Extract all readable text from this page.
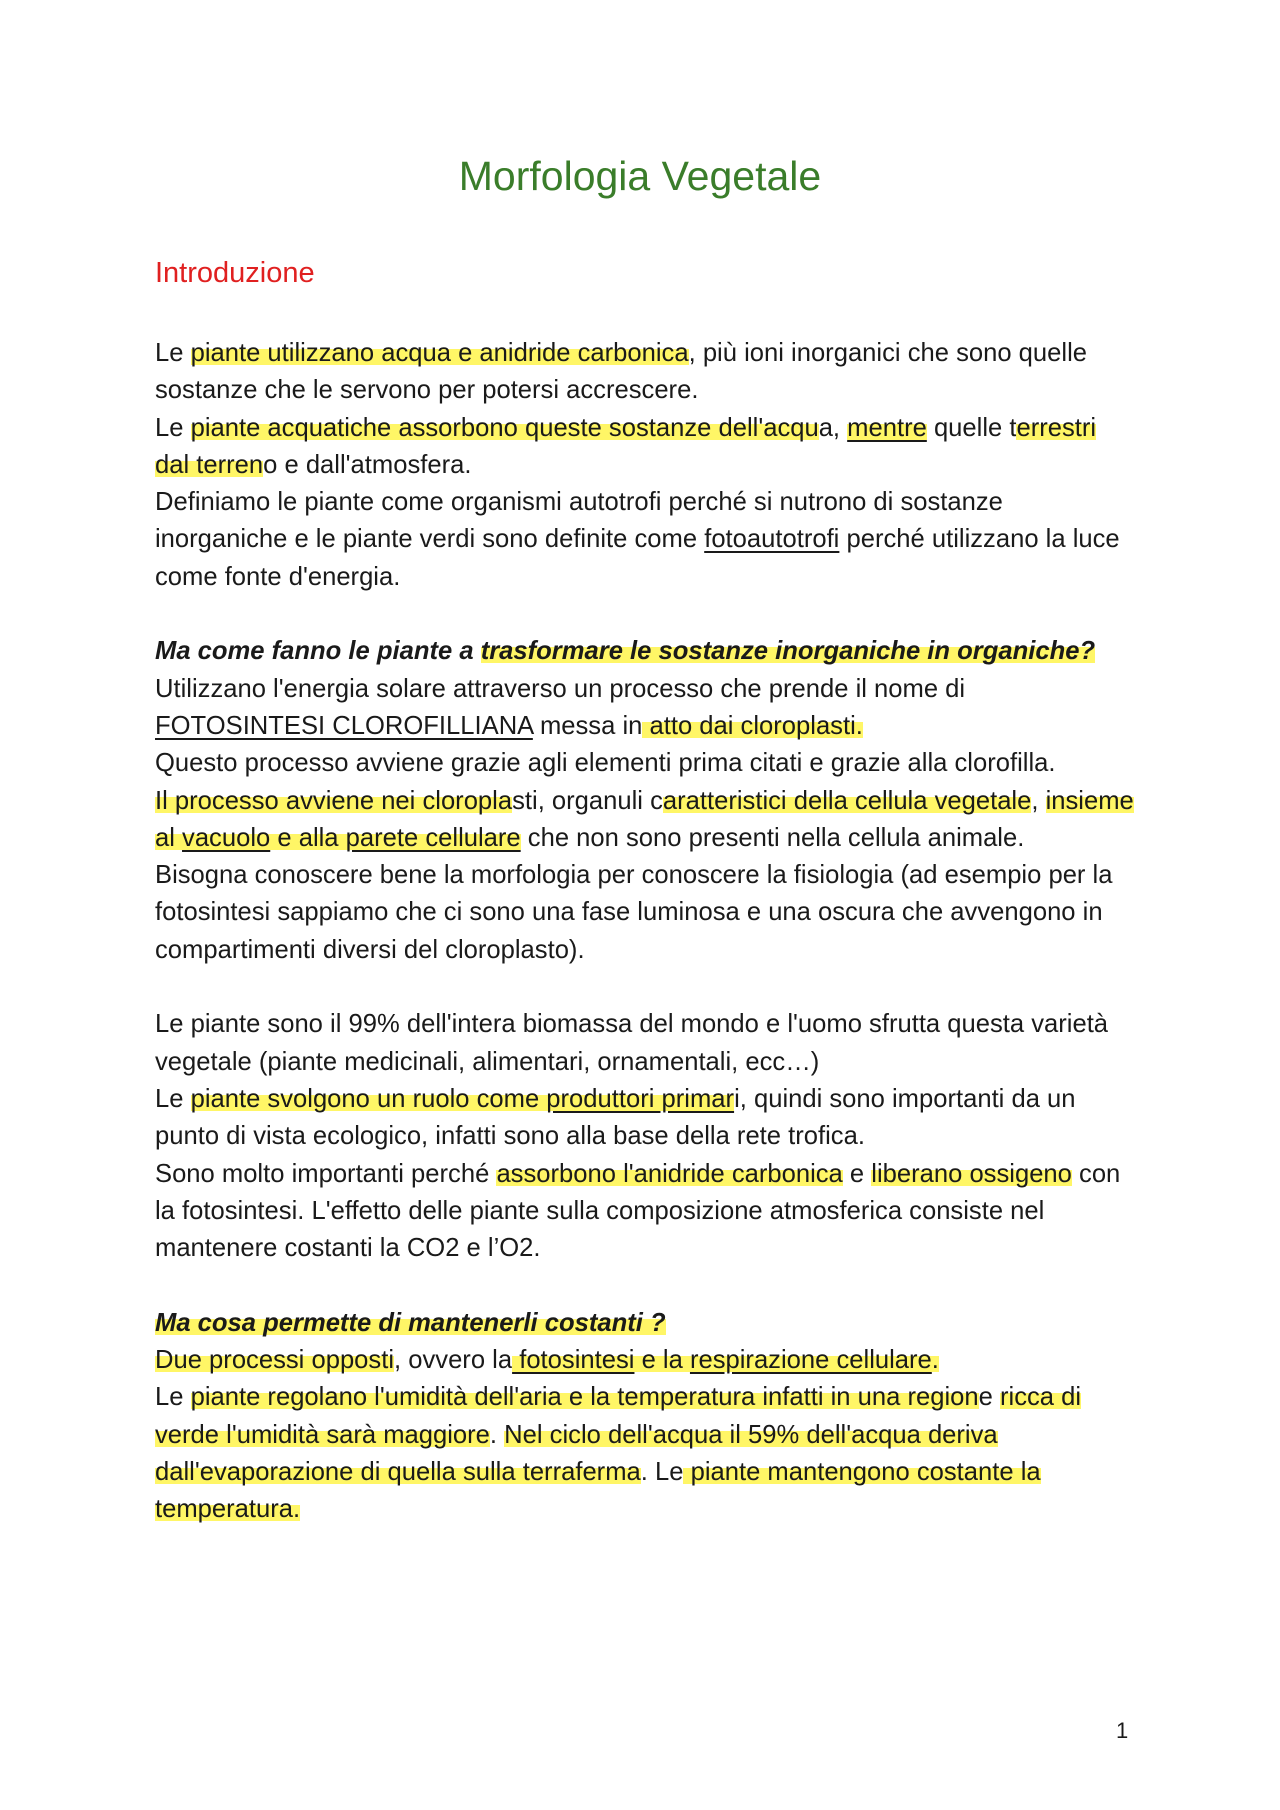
Morfologia Vegetale
Introduzione

Le piante utilizzano acqua e anidride carbonica, più ioni inorganici che sono quelle sostanze che le servono per potersi accrescere.

Le piante acquatiche assorbono queste sostanze dell'acqua, mentre quelle terrestri dal terreno e dall'atmosfera.

Definiamo le piante come organismi autotrofi perché si nutrono di sostanze inorganiche e le piante verdi sono definite come fotoautotrofi perché utilizzano la luce come fonte d'energia.

Ma come fanno le piante a trasformare le sostanze inorganiche in organiche?

Utilizzano l'energia solare attraverso un processo che prende il nome di FOTOSINTESI CLOROFILLIANA messa in atto dai cloroplasti.

Questo processo avviene grazie agli elementi prima citati e grazie alla clorofilla.

Il processo avviene nei cloroplasti, organuli caratteristici della cellula vegetale, insieme al vacuolo e alla parete cellulare che non sono presenti nella cellula animale.

Bisogna conoscere bene la morfologia per conoscere la fisiologia (ad esempio per la fotosintesi sappiamo che ci sono una fase luminosa e una oscura che avvengono in compartimenti diversi del cloroplasto).

Le piante sono il 99% dell'intera biomassa del mondo e l'uomo sfrutta questa varietà vegetale (piante medicinali, alimentari, ornamentali, ecc…)

Le piante svolgono un ruolo come produttori primari, quindi sono importanti da un punto di vista ecologico, infatti sono alla base della rete trofica.

Sono molto importanti perché assorbono l'anidride carbonica e liberano ossigeno con la fotosintesi. L'effetto delle piante sulla composizione atmosferica consiste nel mantenere costanti la CO2 e l’O2.

Ma cosa permette di mantenerli costanti ?

Due processi opposti, ovvero la fotosintesi e la respirazione cellulare.

Le piante regolano l'umidità dell'aria e la temperatura infatti in una regione ricca di verde l'umidità sarà maggiore. Nel ciclo dell'acqua il 59% dell'acqua deriva dall'evaporazione di quella sulla terraferma. Le piante mantengono costante la temperatura.

1
